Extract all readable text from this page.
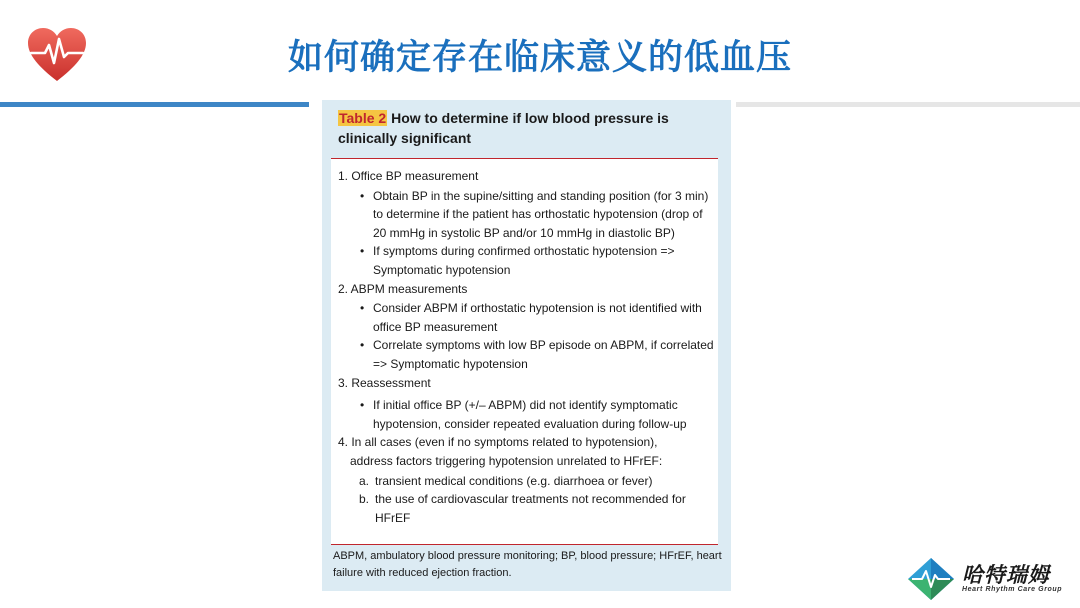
如何确定存在临床意义的低血压
Table 2 How to determine if low blood pressure is clinically significant
1. Office BP measurement
• Obtain BP in the supine/sitting and standing position (for 3 min) to determine if the patient has orthostatic hypotension (drop of 20 mmHg in systolic BP and/or 10 mmHg in diastolic BP)
• If symptoms during confirmed orthostatic hypotension => Symptomatic hypotension
2. ABPM measurements
• Consider ABPM if orthostatic hypotension is not identified with office BP measurement
• Correlate symptoms with low BP episode on ABPM, if correlated => Symptomatic hypotension
3. Reassessment
• If initial office BP (+/– ABPM) did not identify symptomatic hypotension, consider repeated evaluation during follow-up
4. In all cases (even if no symptoms related to hypotension),
address factors triggering hypotension unrelated to HFrEF:
a. transient medical conditions (e.g. diarrhoea or fever)
b. the use of cardiovascular treatments not recommended for HFrEF
ABPM, ambulatory blood pressure monitoring; BP, blood pressure; HFrEF, heart failure with reduced ejection fraction.	哈特瑞姆
Heart Rhythm Care Group
